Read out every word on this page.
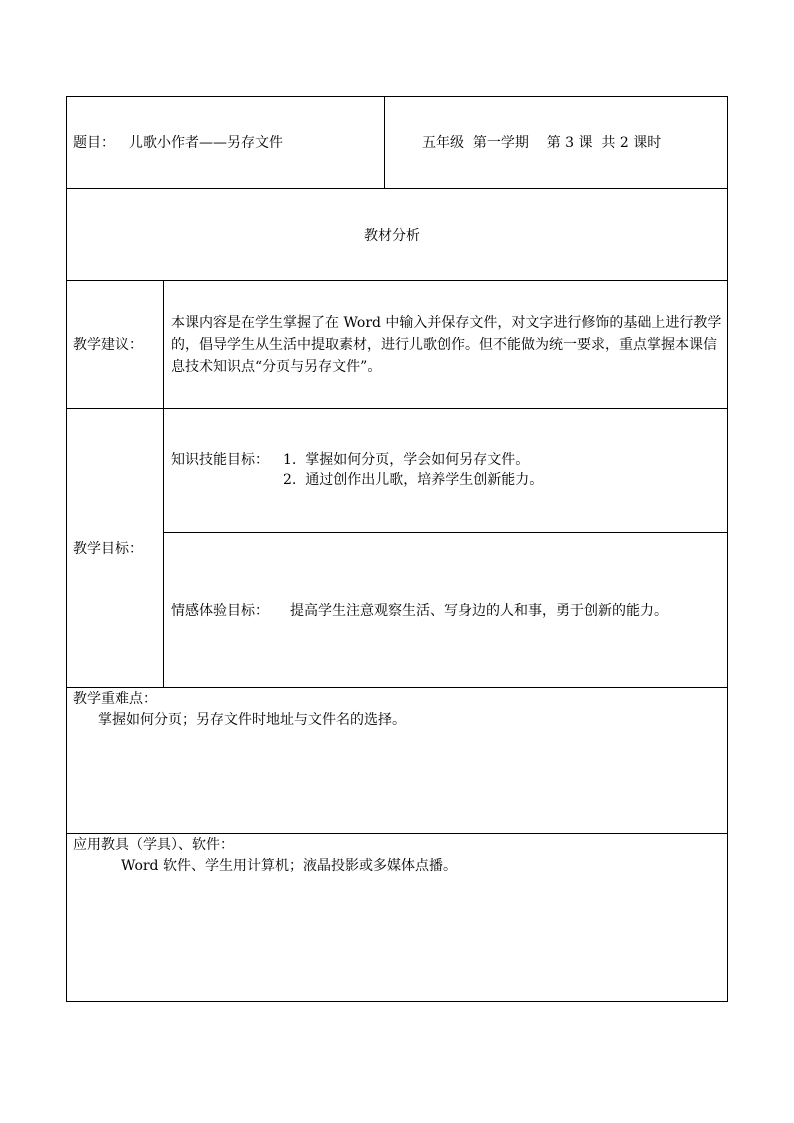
题目： 儿歌小作者——另存文件	五年级  第一学期    第 3 课  共 2 课时
教材分析
教学建议：
本课内容是在学生掌握了在 Word 中输入并保存文件，对文字进行修饰的基础上进行教学的，倡导学生从生活中提取素材，进行儿歌创作。但不能做为统一要求，重点掌握本课信息技术知识点“分页与另存文件”。
教学目标：
知识技能目标： 1.  掌握如何分页，学会如何另存文件。
2.  通过创作出儿歌，培养学生创新能力。
情感体验目标： 提高学生注意观察生活、写身边的人和事，勇于创新的能力。
教学重难点：
掌握如何分页；另存文件时地址与文件名的选择。
应用教具（学具）、软件：
Word 软件、学生用计算机；液晶投影或多媒体点播。
